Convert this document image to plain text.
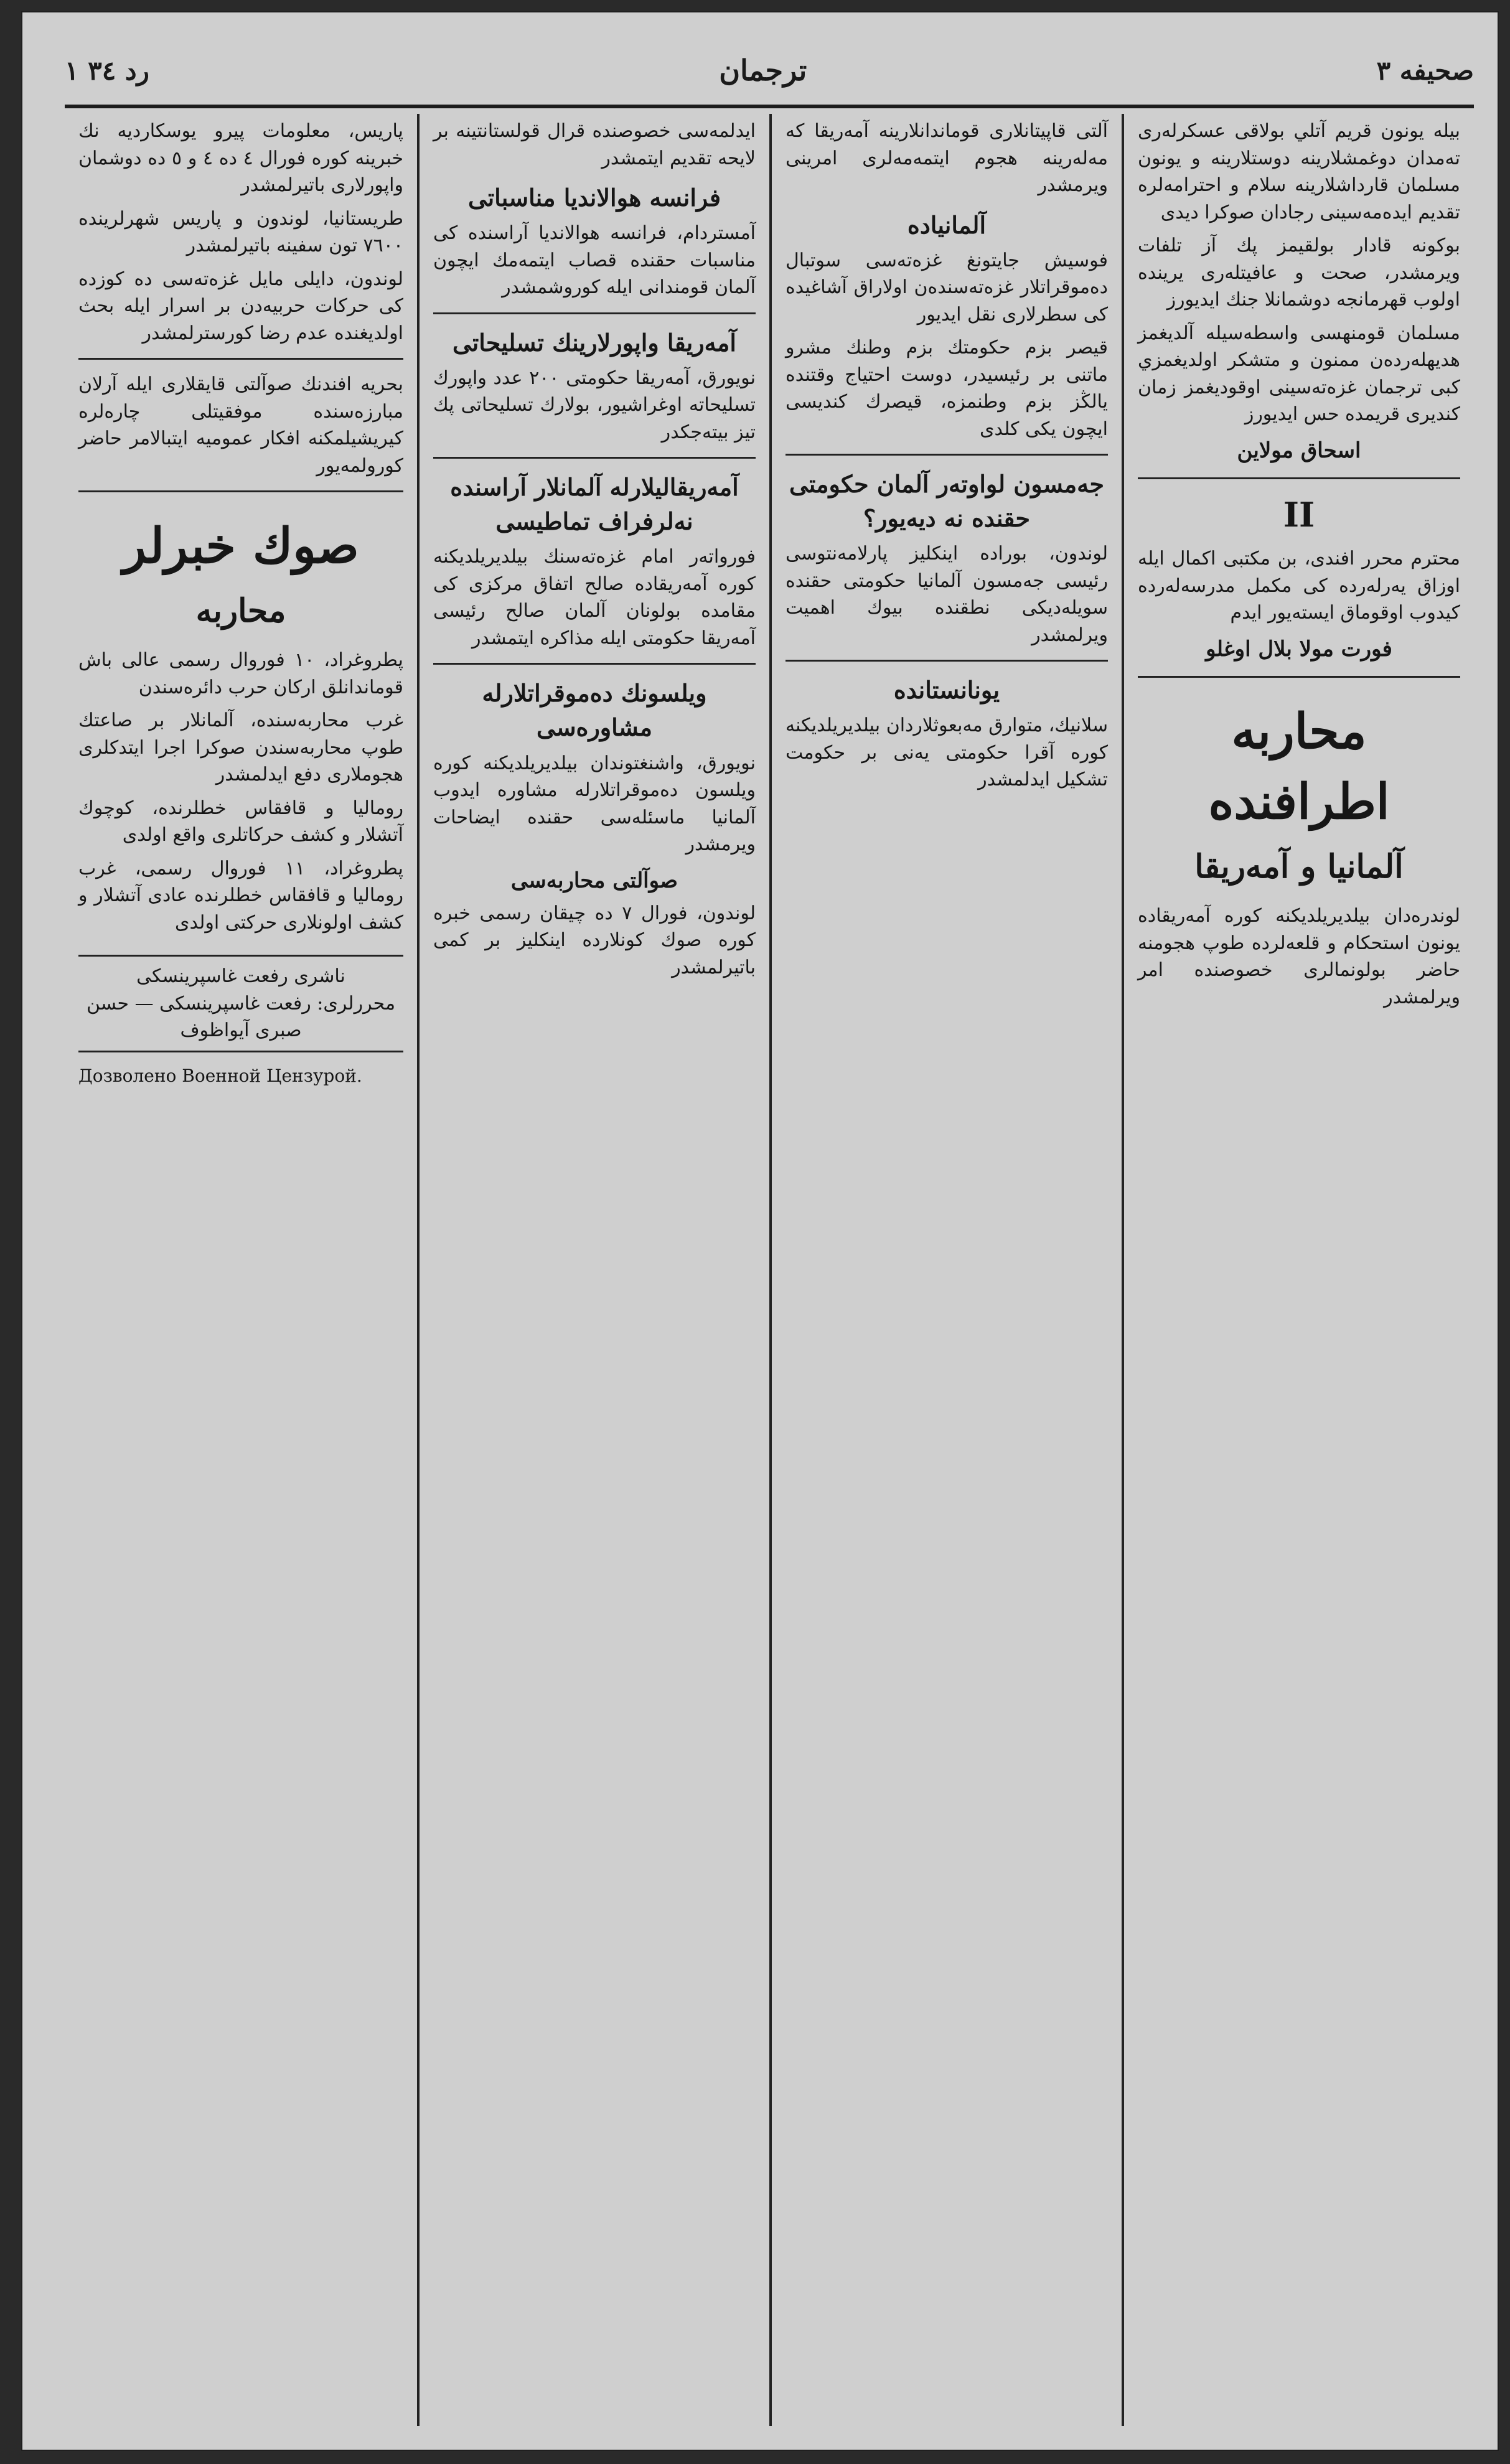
۱ رد ۳٤	ترجمان	۳ صحيفه

بيله يونون قريم آتلي بولاقى عسكرلەرى تەمدان دوغمشلارينه دوستلارينه و يونون مسلمان قارداشلارينه سلام و احترامەلرە تقديم ايدەمەسينى رجادان صوكرا ديدى

بوكونه قادار بولقيمز پك آز تلفات ويرمشدر، صحت و عافيتلەرى يرينده اولوب قهرمانجه دوشمانلا جنك ايديورز

مسلمان قومنهسى واسطەسيله آلديغمز هديهلەردەن ممنون و متشكر اولديغمزي كبى ترجمان غزەتەسينى اوقوديغمز زمان كنديرى قريمده حس ايديورز

اسحاق مولاين
II

محترم محرر افندى، بن مكتبى اكمال ايله اوزاق يەرلەرده كى مكمل مدرسەلەرده كيدوب اوقوماق ايستەيور ايدم

فورت مولا بلال اوغلو
محاربه اطرافنده
آلمانيا و آمەريقا

لوندرەدان بيلديريلديكنه كوره آمەريقاده يونون استحكام و قلعەلرده طوپ هجومنه حاضر بولونمالرى خصوصنده امر ويرلمشدر

آلتى قاپيتانلارى قوماندانلارينه آمەريقا كه مەلەرينه هجوم ايتمەمەلرى امرينى ويرمشدر

آلمانياده

فوسيش جايتونغ غزەتەسى سوتبال دەموقراتلار غزەتەسندەن اولاراق آشاغيده كى سطرلارى نقل ايديور

قيصر بزم حكومتك بزم وطنك مشرو ماتنى بر رئيسيدر، دوست احتياج وقتنده يالڭز بزم وطنمزه، قيصرك كنديسى ايچون يكى كلدى

جەمسون لواوتەر آلمان حكومتى حقنده نه ديەيور؟

لوندون، بوراده اينكليز پارلامەنتوسى رئيسى جەمسون آلمانيا حكومتى حقنده سويلەديكى نطقنده بيوك اهميت ويرلمشدر

يونانستاندە

سلانيك، متوارق مەبعوثلاردان بيلديريلديكنه كوره آقرا حكومتى يەنى بر حكومت تشكيل ايدلمشدر

ايدلمەسى خصوصنده قرال قولستانتينه بر لايحه تقديم ايتمشدر

فرانسه هوالانديا مناسباتى

آمستردام، فرانسه هوالانديا آراسنده كى مناسبات حقنده قصاب ايتمەمك ايچون آلمان قومندانى ايله كوروشمشدر

آمەريقا واپورلارينك تسليحاتى

نويورق، آمەريقا حكومتى ۲۰۰ عدد واپورك تسليحاته اوغراشيور، بولارك تسليحاتى پك تيز بيتەجكدر

آمەريقاليلارله آلمانلار آراسنده نه‌لرفراف تماطيسى

فورواتەر امام غزەتەسنك بيلديريلديكنه كوره آمەريقاده صالح اتفاق مركزى كى مقامده بولونان آلمان صالح رئيسى آمەريقا حكومتى ايله مذاكره ايتمشدر

ويلسونك دەموقراتلارله مشاورەسى

نويورق، واشنغتوندان بيلديريلديكنه كوره ويلسون دەموقراتلارله مشاوره ايدوب آلمانيا ماسئلەسى حقنده ايضاحات ويرمشدر

صوآلتى محاربەسى

لوندون، فورال ۷ ده چيقان رسمى خبره كوره صوك كونلارده اينكليز بر كمى باتيرلمشدر

پاريس، معلومات پيرو يوسكارديه نك خبرينه كوره فورال ٤ ده ٤ و ٥ دە دوشمان واپورلارى باتيرلمشدر

طريستانيا، لوندون و پاريس شهرلرينده ۷٦۰۰ تون سفينه باتيرلمشدر

لوندون، دايلى مايل غزەتەسى ده كوزده كى حركات حربيەدن بر اسرار ايله بحث اولديغنده عدم رضا كورسترلمشدر

بحريه افندنك صوآلتى قايقلارى ايله آرلان مبارزەسنده موفقيتلى چارەلرە كيريشيلمكنه افكار عموميه ايتبالامر حاضر كورولمەيور

صوك خبرلر
محاربه

پطروغراد، ۱۰ فوروال رسمى عالى باش قوماندانلق اركان حرب دائرەسندن

غرب محاربەسنده، آلمانلار بر صاعتك طوپ محاربەسندن صوكرا اجرا ايتدكلرى هجوملارى دفع ايدلمشدر

روماليا و قافقاس خطلرنده، كوچوك آتشلار و كشف حركاتلرى واقع اولدى

پطروغراد، ۱۱ فوروال رسمى، غرب روماليا و قافقاس خطلرنده عادى آتشلار و كشف اولونلارى حركتى اولدى

ناشرى رفعت غاسپرينسكى
محررلرى: رفعت غاسپرينسكى — حسن صبرى آيواظوف
Дозволено Военной Цензурой.
